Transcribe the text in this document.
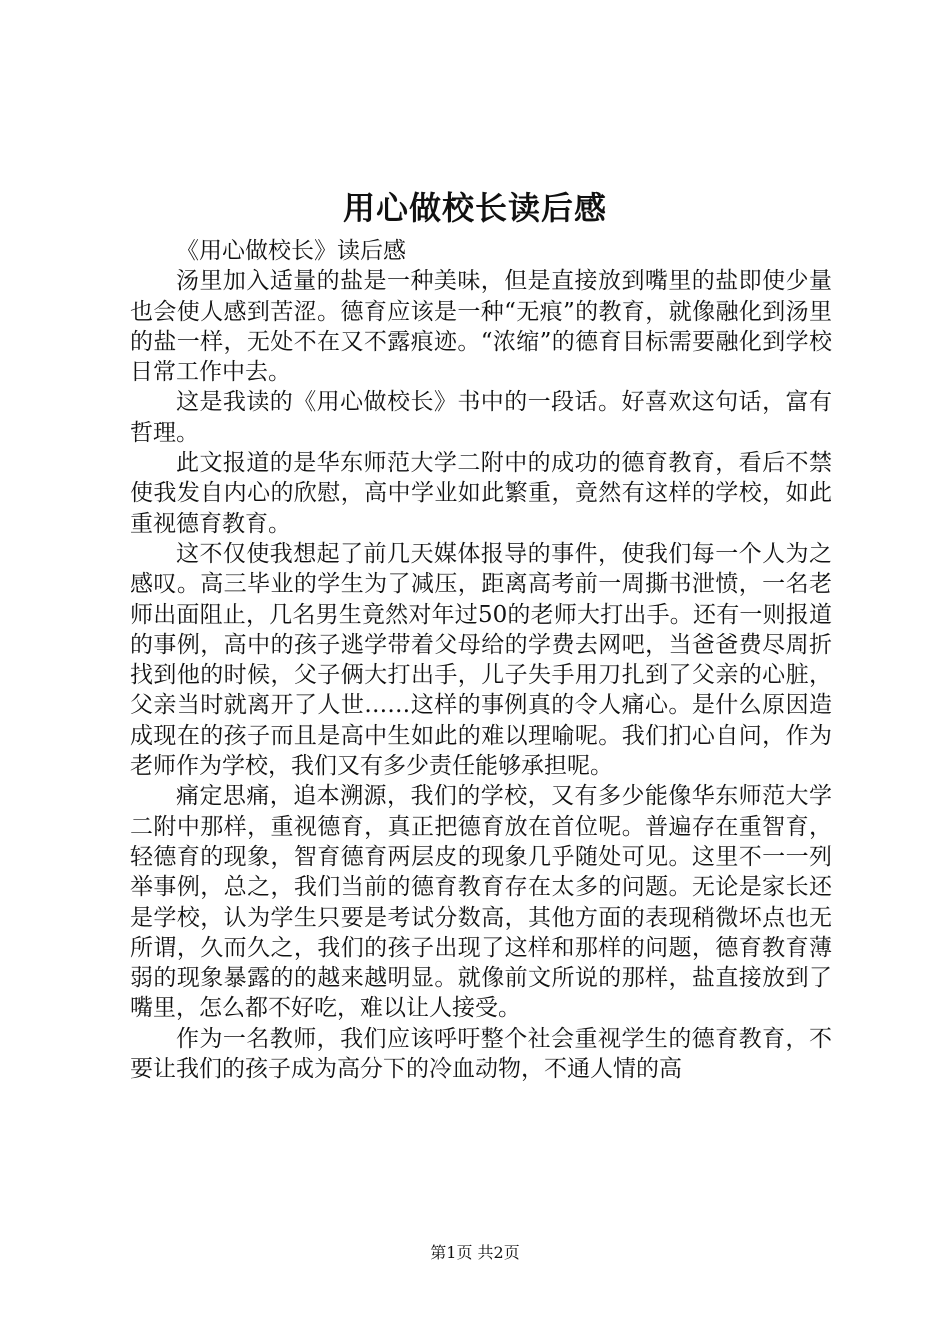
用心做校长读后感

《用心做校长》读后感

汤里加入适量的盐是一种美味，但是直接放到嘴里的盐即使少量也会使人感到苦涩。德育应该是一种“无痕”的教育，就像融化到汤里的盐一样，无处不在又不露痕迹。“浓缩”的德育目标需要融化到学校日常工作中去。

这是我读的《用心做校长》书中的一段话。好喜欢这句话，富有哲理。

此文报道的是华东师范大学二附中的成功的德育教育，看后不禁使我发自内心的欣慰，高中学业如此繁重，竟然有这样的学校，如此重视德育教育。

这不仅使我想起了前几天媒体报导的事件，使我们每一个人为之感叹。高三毕业的学生为了减压，距离高考前一周撕书泄愤，一名老师出面阻止，几名男生竟然对年过50的老师大打出手。还有一则报道的事例，高中的孩子逃学带着父母给的学费去网吧，当爸爸费尽周折找到他的时候，父子俩大打出手，儿子失手用刀扎到了父亲的心脏，父亲当时就离开了人世……这样的事例真的令人痛心。是什么原因造成现在的孩子而且是高中生如此的难以理喻呢。我们扪心自问，作为老师作为学校，我们又有多少责任能够承担呢。

痛定思痛，追本溯源，我们的学校，又有多少能像华东师范大学二附中那样，重视德育，真正把德育放在首位呢。普遍存在重智育，轻德育的现象，智育德育两层皮的现象几乎随处可见。这里不一一列举事例，总之，我们当前的德育教育存在太多的问题。无论是家长还是学校，认为学生只要是考试分数高，其他方面的表现稍微坏点也无所谓，久而久之，我们的孩子出现了这样和那样的问题，德育教育薄弱的现象暴露的的越来越明显。就像前文所说的那样，盐直接放到了嘴里，怎么都不好吃，难以让人接受。

作为一名教师，我们应该呼吁整个社会重视学生的德育教育，不要让我们的孩子成为高分下的冷血动物，不通人情的高

第1页 共2页
